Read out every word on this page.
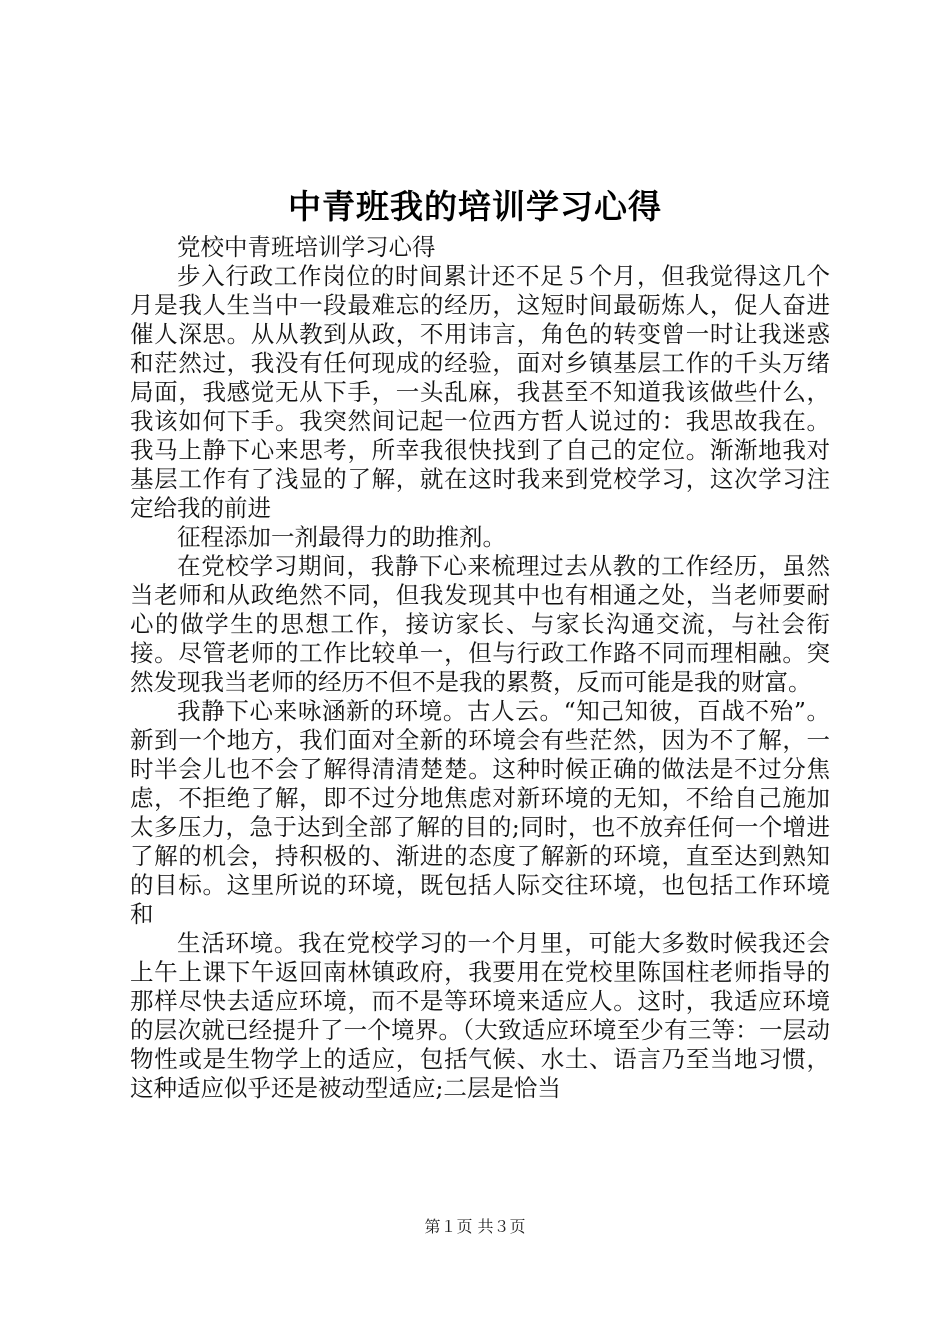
中青班我的培训学习心得

党校中青班培训学习心得

步入行政工作岗位的时间累计还不足５个月，但我觉得这几个月是我人生当中一段最难忘的经历，这短时间最砺炼人，促人奋进催人深思。从从教到从政，不用讳言，角色的转变曾一时让我迷惑和茫然过，我没有任何现成的经验，面对乡镇基层工作的千头万绪局面，我感觉无从下手，一头乱麻，我甚至不知道我该做些什么，我该如何下手。我突然间记起一位西方哲人说过的：我思故我在。我马上静下心来思考，所幸我很快找到了自己的定位。渐渐地我对基层工作有了浅显的了解，就在这时我来到党校学习，这次学习注定给我的前进

征程添加一剂最得力的助推剂。

在党校学习期间，我静下心来梳理过去从教的工作经历，虽然当老师和从政绝然不同，但我发现其中也有相通之处，当老师要耐心的做学生的思想工作，接访家长、与家长沟通交流，与社会衔接。尽管老师的工作比较单一，但与行政工作路不同而理相融。突然发现我当老师的经历不但不是我的累赘，反而可能是我的财富。

我静下心来咏涵新的环境。古人云。“知己知彼，百战不殆”。新到一个地方，我们面对全新的环境会有些茫然，因为不了解，一时半会儿也不会了解得清清楚楚。这种时候正确的做法是不过分焦虑，不拒绝了解，即不过分地焦虑对新环境的无知，不给自己施加太多压力，急于达到全部了解的目的;同时，也不放弃任何一个增进了解的机会，持积极的、渐进的态度了解新的环境，直至达到熟知的目标。这里所说的环境，既包括人际交往环境，也包括工作环境和

生活环境。我在党校学习的一个月里，可能大多数时候我还会上午上课下午返回南林镇政府，我要用在党校里陈国柱老师指导的那样尽快去适应环境，而不是等环境来适应人。这时，我适应环境的层次就已经提升了一个境界。（大致适应环境至少有三等：一层动物性或是生物学上的适应，包括气候、水土、语言乃至当地习惯，这种适应似乎还是被动型适应;二层是恰当

第１页 共３页
